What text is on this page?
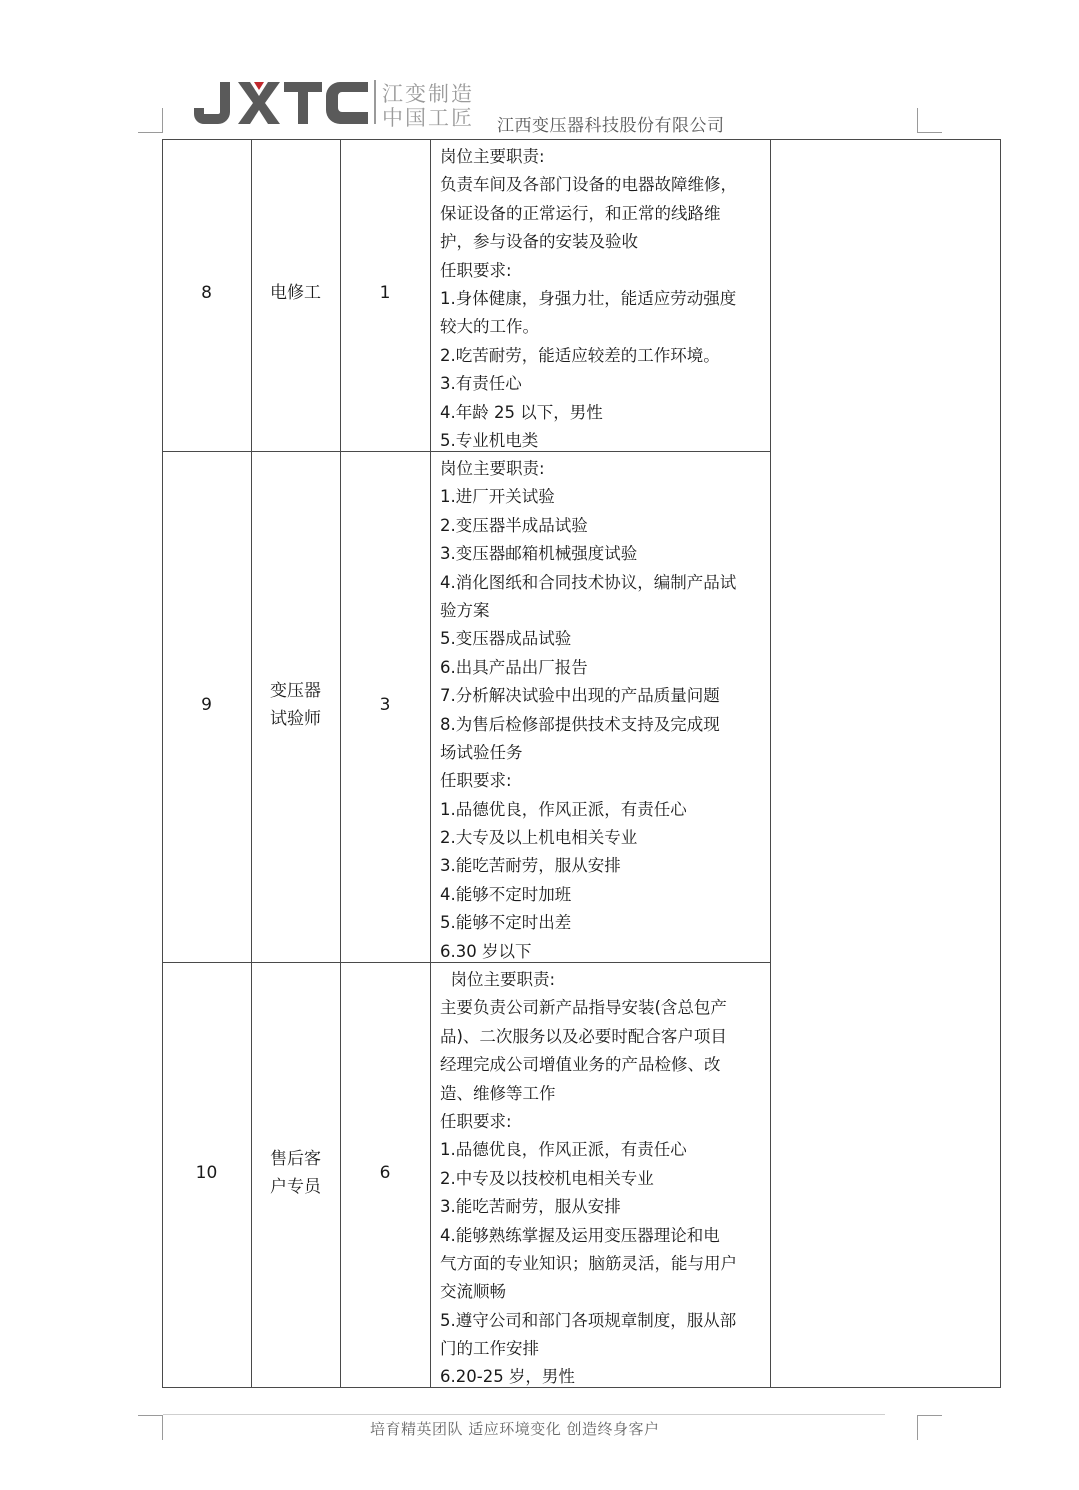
江变制造
中国工匠 江西变压器科技股份有限公司
8	电修工	1
岗位主要职责:
负责车间及各部门设备的电器故障维修，
保证设备的正常运行，和正常的线路维
护，参与设备的安装及验收
任职要求:
1.身体健康，身强力壮，能适应劳动强度
较大的工作。
2.吃苦耐劳，能适应较差的工作环境。
3.有责任心
4.年龄 25 以下，男性
5.专业机电类
9
变压器
试验师
3
岗位主要职责:
1.进厂开关试验
2.变压器半成品试验
3.变压器邮箱机械强度试验
4.消化图纸和合同技术协议，编制产品试
验方案
5.变压器成品试验
6.出具产品出厂报告
7.分析解决试验中出现的产品质量问题
8.为售后检修部提供技术支持及完成现
场试验任务
任职要求:
1.品德优良，作风正派，有责任心
2.大专及以上机电相关专业
3.能吃苦耐劳，服从安排
4.能够不定时加班
5.能够不定时出差
6.30 岁以下
10
售后客
户专员
6
岗位主要职责:
主要负责公司新产品指导安装(含总包产
品)、二次服务以及必要时配合客户项目
经理完成公司增值业务的产品检修、改
造、维修等工作
任职要求:
1.品德优良，作风正派，有责任心
2.中专及以技校机电相关专业
3.能吃苦耐劳，服从安排
4.能够熟练掌握及运用变压器理论和电
气方面的专业知识；脑筋灵活，能与用户
交流顺畅
5.遵守公司和部门各项规章制度，服从部
门的工作安排
6.20-25 岁，男性
培育精英团队 适应环境变化 创造终身客户
